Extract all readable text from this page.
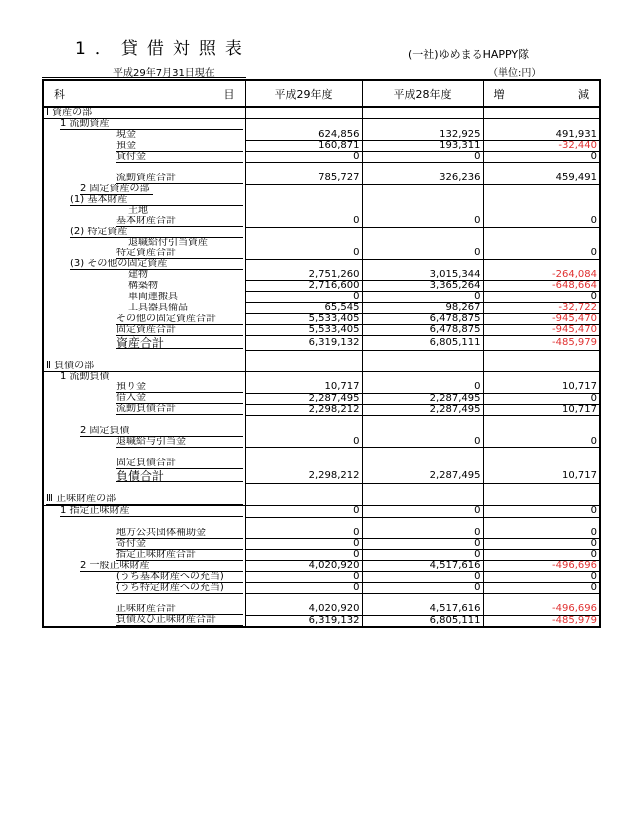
1．貸借対照表	(一社)ゆめまるHAPPY隊
平成29年7月31日現在	（単位:円）
科 目	平成29年度	平成28年度	増 減

Ⅰ 資産の部			

1 流動資産			

現金	624,856	132,925	491,931

預金	160,871	193,311	-32,440

貸付金	0	0	0

流動資産合計	785,727	326,236	459,491

2 固定資産の部			

(1) 基本財産			

土地			

基本財産合計	0	0	0

(2) 特定資産			

退職給付引当資産			

特定資産合計	0	0	0

(3) その他の固定資産			

建物	2,751,260	3,015,344	-264,084

構築物	2,716,600	3,365,264	-648,664

車両運搬具	0	0	0

工具器具備品	65,545	98,267	-32,722

その他の固定資産合計	5,533,405	6,478,875	-945,470

固定資産合計	5,533,405	6,478,875	-945,470

資産合計	6,319,132	6,805,111	-485,979

Ⅱ 負債の部			

1 流動負債			

預り金	10,717	0	10,717

借入金	2,287,495	2,287,495	0

流動負債合計	2,298,212	2,287,495	10,717

2 固定負債			

退職給与引当金	0	0	0

固定負債合計			

負債合計	2,298,212	2,287,495	10,717

Ⅲ 正味財産の部			

1 指定正味財産	0	0	0

地方公共団体補助金	0	0	0

寄付金	0	0	0

指定正味財産合計	0	0	0

2 一般正味財産	4,020,920	4,517,616	-496,696

(うち基本財産への充当)	0	0	0

(うち特定財産への充当)	0	0	0

正味財産合計	4,020,920	4,517,616	-496,696

負債及び正味財産合計	6,319,132	6,805,111	-485,979
